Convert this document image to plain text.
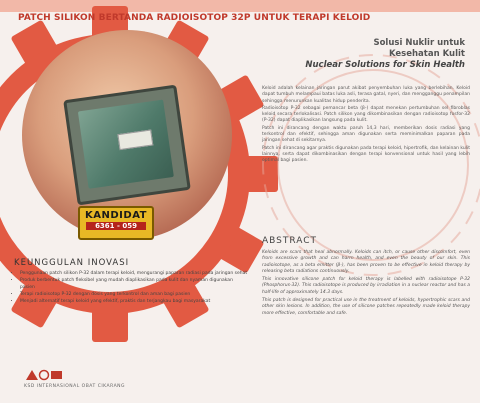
KANDIDAT
6361 - 059
PATCH SILIKON BERTANDA RADIOISOTOP 32P UNTUK TERAPI KELOID
Solusi Nuklir untuk
Kesehatan Kulit
Nuclear Solutions for Skin Health

Keloid adalah kelainan jaringan parut akibat penyembuhan luka yang berlebihan. Keloid dapat tumbuh melampaui batas luka asli, terasa gatal, nyeri, dan mengganggu penampilan sehingga menurunkan kualitas hidup penderita.

Radioisotop P-32 sebagai pemancar beta (β-) dapat menekan pertumbuhan sel fibroblas keloid secara terlokalisasi. Patch silikon yang dikombinasikan dengan radioisotop fosfor-32 (P-32) dapat diaplikasikan langsung pada kulit.

Patch ini dirancang dengan waktu paruh 14,3 hari, memberikan dosis radiasi yang terkontrol dan efektif, sehingga aman digunakan serta meminimalkan paparan pada jaringan sehat di sekitarnya.

Patch ini dirancang agar praktis digunakan pada terapi keloid, hipertrofik, dan kelainan kulit lainnya, serta dapat dikombinasikan dengan terapi konvensional untuk hasil yang lebih optimal bagi pasien.

ABSTRACT

Keloids are scars that heal abnormally. Keloids can itch, or cause other discomfort, even from excessive growth and can harm health, and even the beauty of our skin. This radioisotope, as a beta emitter (β-), has been proven to be effective in keloid therapy by releasing beta radiations continuously.

This innovative silicone patch for keloid therapy is labelled with radioisotope P-32 (Phosphorus-32). This radioisotope is produced by irradiation in a nuclear reactor and has a half-life of approximately 14.3 days.

This patch is designed for practical use in the treatment of keloids, hypertrophic scars and other skin lesions. In addition, the use of silicone patches repeatedly made keloid therapy more effective, comfortable and safe.

KEUNGGULAN INOVASI
• Penggunaan patch silikon P-32 dalam terapi keloid, mengurangi paparan radiasi pada jaringan sehat
• Produk berbentuk patch fleksibel yang mudah diaplikasikan pada kulit dan nyaman digunakan pasien
• Terapi radioisotop P-32 dengan dosis yang terkontrol dan aman bagi pasien
• Menjadi alternatif terapi keloid yang efektif, praktis dan terjangkau bagi masyarakat
KSD INTERNASIONAL OBAT CIKARANG
